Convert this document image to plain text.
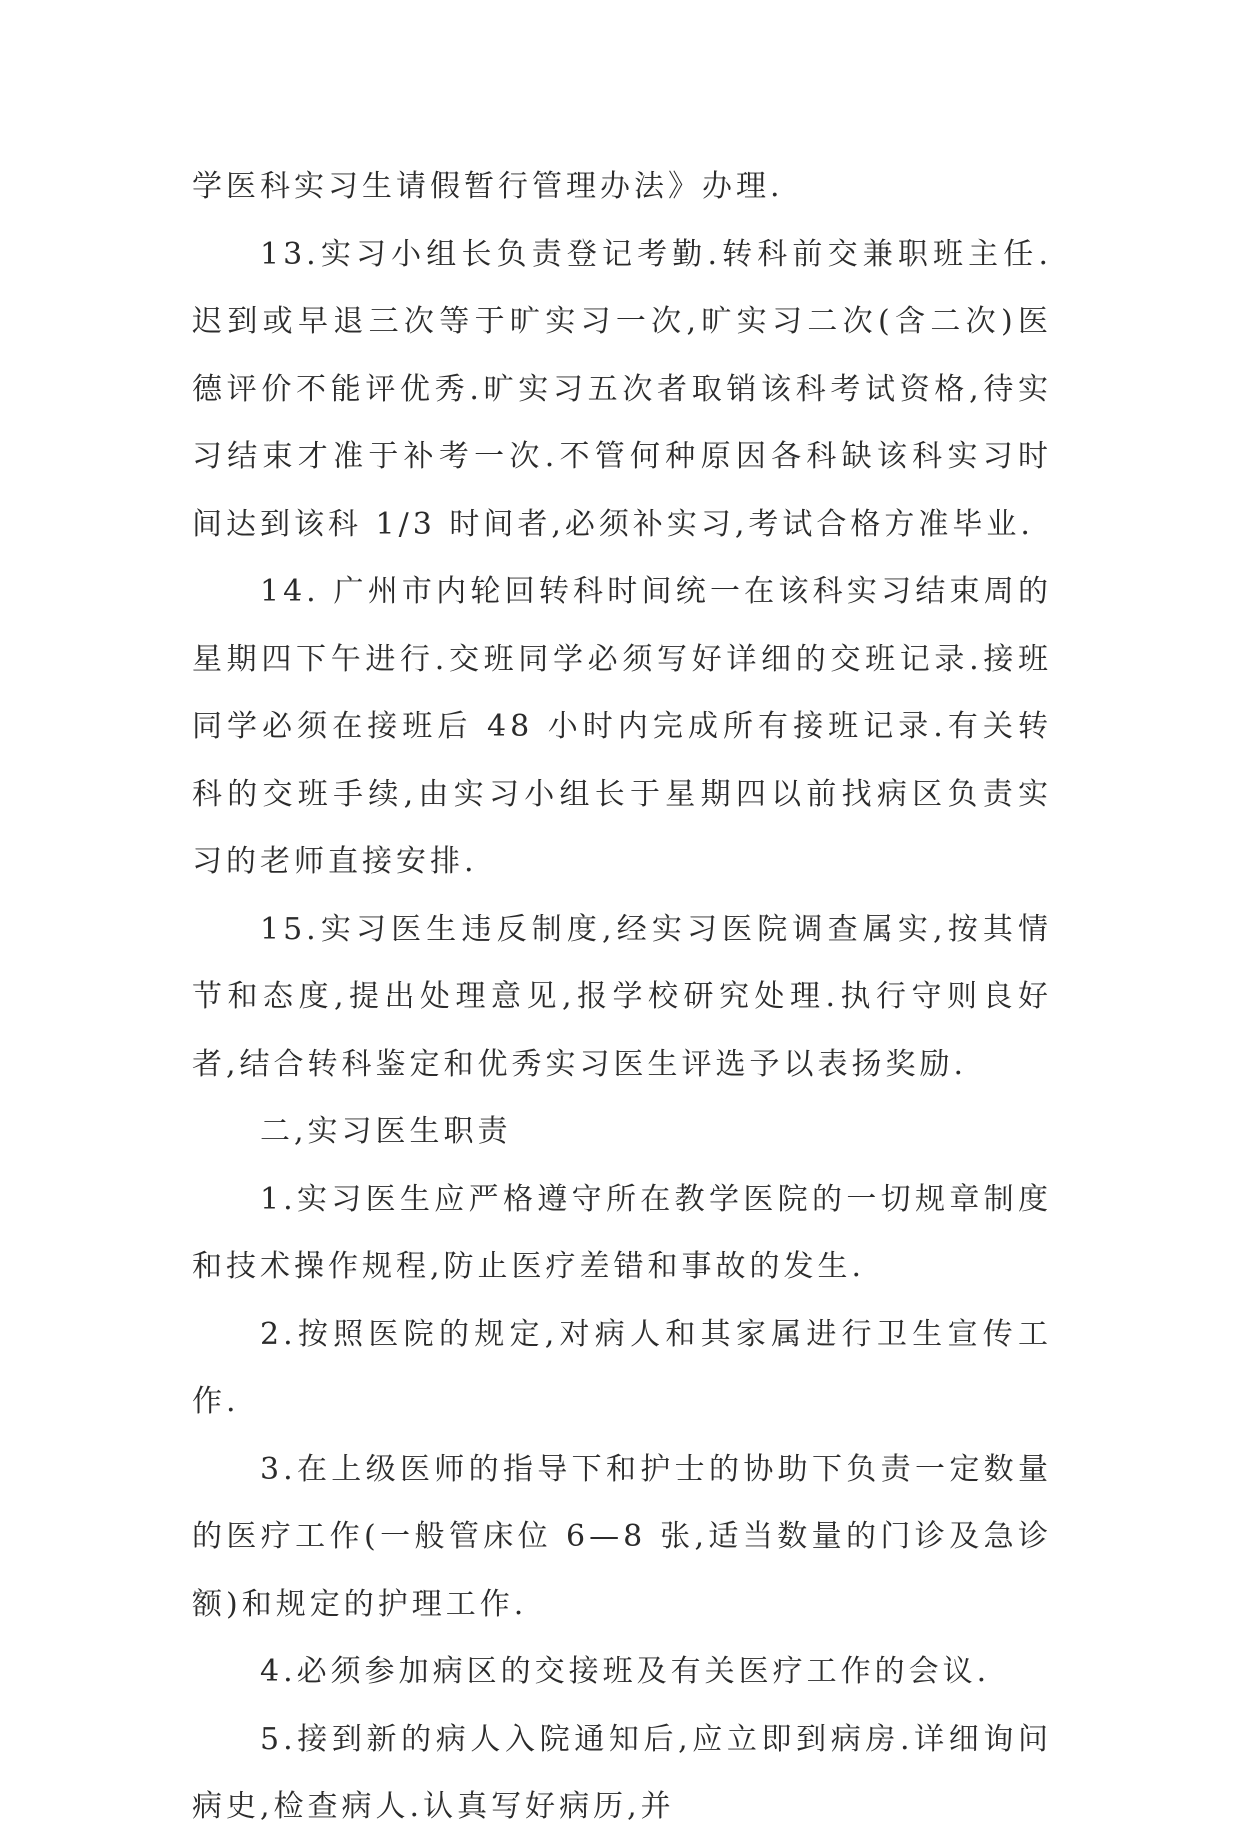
学医科实习生请假暂行管理办法》办理.

13.实习小组长负责登记考勤.转科前交兼职班主任.迟到或早退三次等于旷实习一次,旷实习二次(含二次)医德评价不能评优秀.旷实习五次者取销该科考试资格,待实习结束才准于补考一次.不管何种原因各科缺该科实习时间达到该科 1/3 时间者,必须补实习,考试合格方准毕业.

14. 广州市内轮回转科时间统一在该科实习结束周的星期四下午进行.交班同学必须写好详细的交班记录.接班同学必须在接班后 48 小时内完成所有接班记录.有关转科的交班手续,由实习小组长于星期四以前找病区负责实习的老师直接安排.

15.实习医生违反制度,经实习医院调查属实,按其情节和态度,提出处理意见,报学校研究处理.执行守则良好者,结合转科鉴定和优秀实习医生评选予以表扬奖励.

二,实习医生职责

1.实习医生应严格遵守所在教学医院的一切规章制度和技术操作规程,防止医疗差错和事故的发生.

2.按照医院的规定,对病人和其家属进行卫生宣传工作.

3.在上级医师的指导下和护士的协助下负责一定数量的医疗工作(一般管床位 6—8 张,适当数量的门诊及急诊额)和规定的护理工作.

4.必须参加病区的交接班及有关医疗工作的会议.

5.接到新的病人入院通知后,应立即到病房.详细询问病史,检查病人.认真写好病历,并
